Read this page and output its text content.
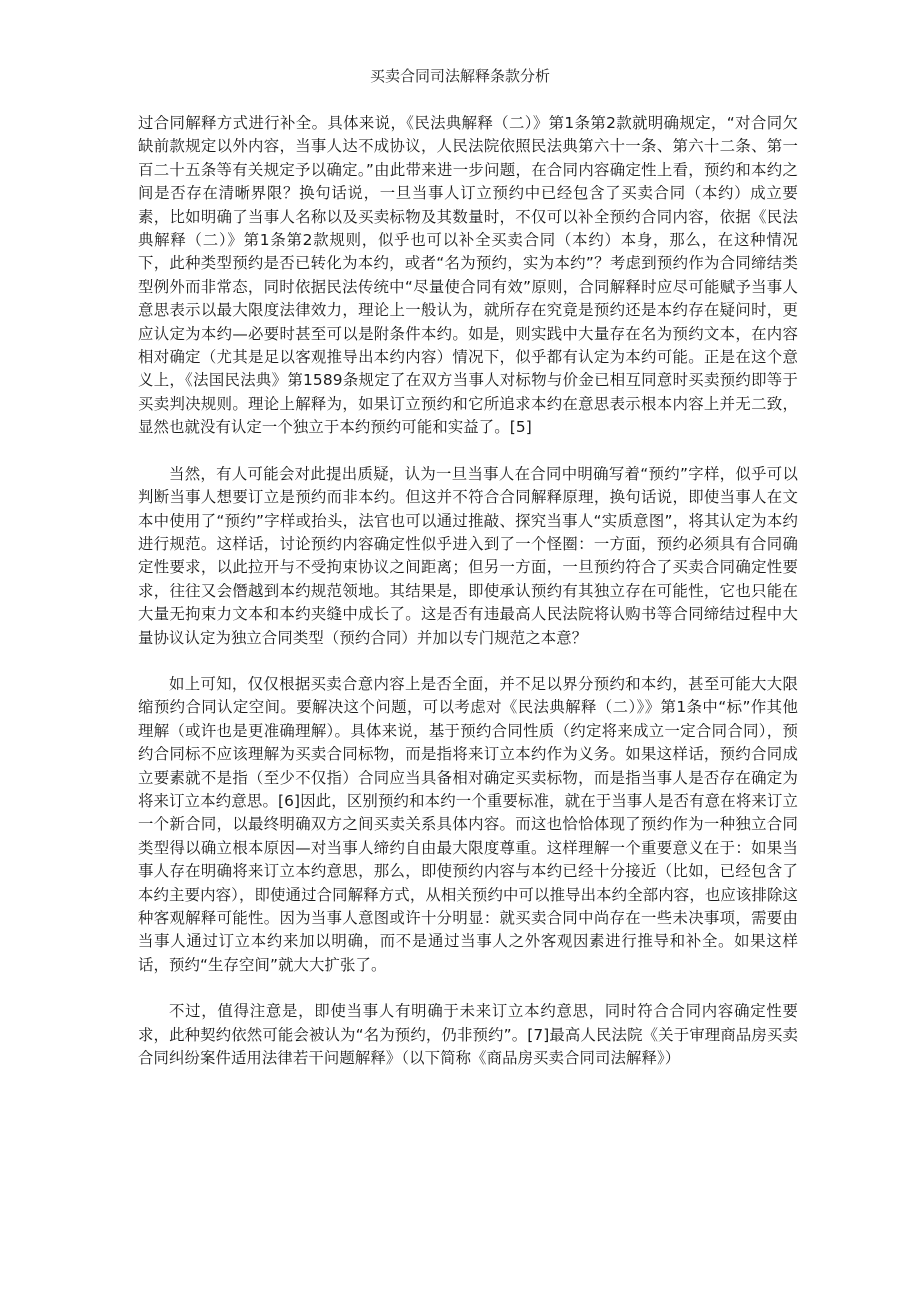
买卖合同司法解释条款分析

过合同解释方式进行补全。具体来说，《民法典解释（二）》第1条第2款就明确规定，“对合同欠缺前款规定以外内容，当事人达不成协议，人民法院依照民法典第六十一条、第六十二条、第一百二十五条等有关规定予以确定。”由此带来进一步问题，在合同内容确定性上看，预约和本约之间是否存在清晰界限？换句话说，一旦当事人订立预约中已经包含了买卖合同（本约）成立要素，比如明确了当事人名称以及买卖标物及其数量时，不仅可以补全预约合同内容，依据《民法典解释（二）》第1条第2款规则，似乎也可以补全买卖合同（本约）本身，那么，在这种情况下，此种类型预约是否已转化为本约，或者“名为预约，实为本约”？考虑到预约作为合同缔结类型例外而非常态，同时依据民法传统中“尽量使合同有效”原则，合同解释时应尽可能赋予当事人意思表示以最大限度法律效力，理论上一般认为，就所存在究竟是预约还是本约存在疑问时，更应认定为本约—必要时甚至可以是附条件本约。如是，则实践中大量存在名为预约文本，在内容相对确定（尤其是足以客观推导出本约内容）情况下，似乎都有认定为本约可能。正是在这个意义上，《法国民法典》第1589条规定了在双方当事人对标物与价金已相互同意时买卖预约即等于买卖判决规则。理论上解释为，如果订立预约和它所追求本约在意思表示根本内容上并无二致，显然也就没有认定一个独立于本约预约可能和实益了。[5]

当然，有人可能会对此提出质疑，认为一旦当事人在合同中明确写着“预约”字样，似乎可以判断当事人想要订立是预约而非本约。但这并不符合合同解释原理，换句话说，即使当事人在文本中使用了“预约”字样或抬头，法官也可以通过推敲、探究当事人“实质意图”，将其认定为本约进行规范。这样话，讨论预约内容确定性似乎进入到了一个怪圈：一方面，预约必须具有合同确定性要求，以此拉开与不受拘束协议之间距离；但另一方面，一旦预约符合了买卖合同确定性要求，往往又会僭越到本约规范领地。其结果是，即使承认预约有其独立存在可能性，它也只能在大量无拘束力文本和本约夹缝中成长了。这是否有违最高人民法院将认购书等合同缔结过程中大量协议认定为独立合同类型（预约合同）并加以专门规范之本意？

如上可知，仅仅根据买卖合意内容上是否全面，并不足以界分预约和本约，甚至可能大大限缩预约合同认定空间。要解决这个问题，可以考虑对《民法典解释（二）》》第1条中“标”作其他理解（或许也是更准确理解）。具体来说，基于预约合同性质（约定将来成立一定合同合同），预约合同标不应该理解为买卖合同标物，而是指将来订立本约作为义务。如果这样话，预约合同成立要素就不是指（至少不仅指）合同应当具备相对确定买卖标物，而是指当事人是否存在确定为将来订立本约意思。[6]因此，区别预约和本约一个重要标准，就在于当事人是否有意在将来订立一个新合同，以最终明确双方之间买卖关系具体内容。而这也恰恰体现了预约作为一种独立合同类型得以确立根本原因—对当事人缔约自由最大限度尊重。这样理解一个重要意义在于：如果当事人存在明确将来订立本约意思，那么，即使预约内容与本约已经十分接近（比如，已经包含了本约主要内容），即使通过合同解释方式，从相关预约中可以推导出本约全部内容，也应该排除这种客观解释可能性。因为当事人意图或许十分明显：就买卖合同中尚存在一些未决事项，需要由当事人通过订立本约来加以明确，而不是通过当事人之外客观因素进行推导和补全。如果这样话，预约“生存空间”就大大扩张了。

不过，值得注意是，即使当事人有明确于未来订立本约意思，同时符合合同内容确定性要求，此种契约依然可能会被认为“名为预约，仍非预约”。[7]最高人民法院《关于审理商品房买卖合同纠纷案件适用法律若干问题解释》（以下简称《商品房买卖合同司法解释》）
